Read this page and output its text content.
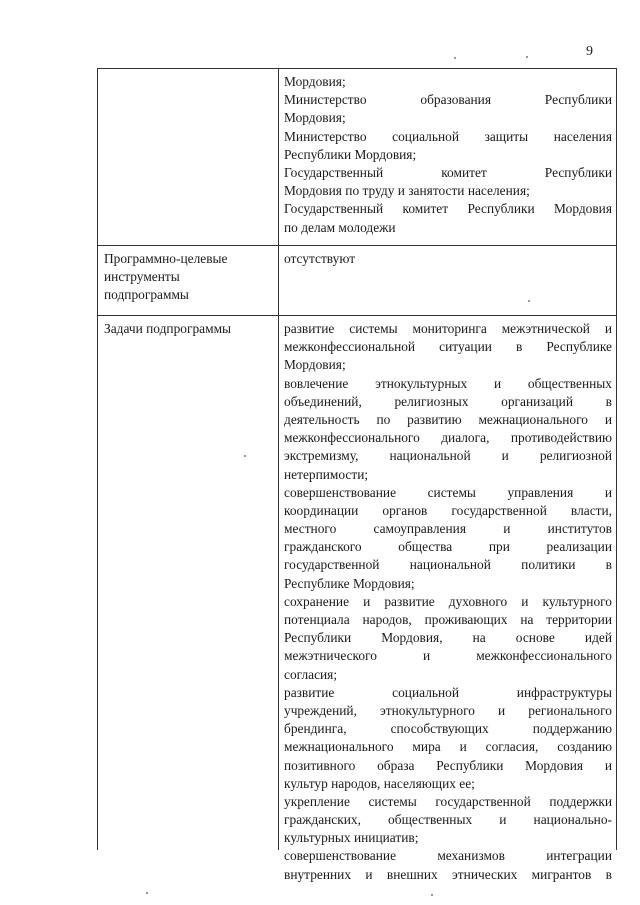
9
Мордовия;
Министерство образования Республики
Мордовия;
Министерство социальной защиты населения
Республики Мордовия;
Государственный комитет Республики
Мордовия по труду и занятости населения;
Государственный комитет Республики Мордовия
по делам молодежи
Программно-целевые
инструменты
подпрограммы
отсутствуют
Задачи подпрограммы	развитие системы мониторинга межэтнической и
межконфессиональной ситуации в Республике
Мордовия;
вовлечение этнокультурных и общественных
объединений, религиозных организаций в
деятельность по развитию межнационального и
межконфессионального диалога, противодействию
экстремизму, национальной и религиозной
нетерпимости;
совершенствование системы управления и
координации органов государственной власти,
местного самоуправления и институтов
гражданского общества при реализации
государственной национальной политики в
Республике Мордовия;
сохранение и развитие духовного и культурного
потенциала народов, проживающих на территории
Республики Мордовия, на основе идей
межэтнического и межконфессионального
согласия;
развитие социальной инфраструктуры
учреждений, этнокультурного и регионального
брендинга, способствующих поддержанию
межнационального мира и согласия, созданию
позитивного образа Республики Мордовия и
культур народов, населяющих ее;
укрепление системы государственной поддержки
гражданских, общественных и национально-
культурных инициатив;
совершенствование механизмов интеграции
внутренних и внешних этнических мигрантов в
